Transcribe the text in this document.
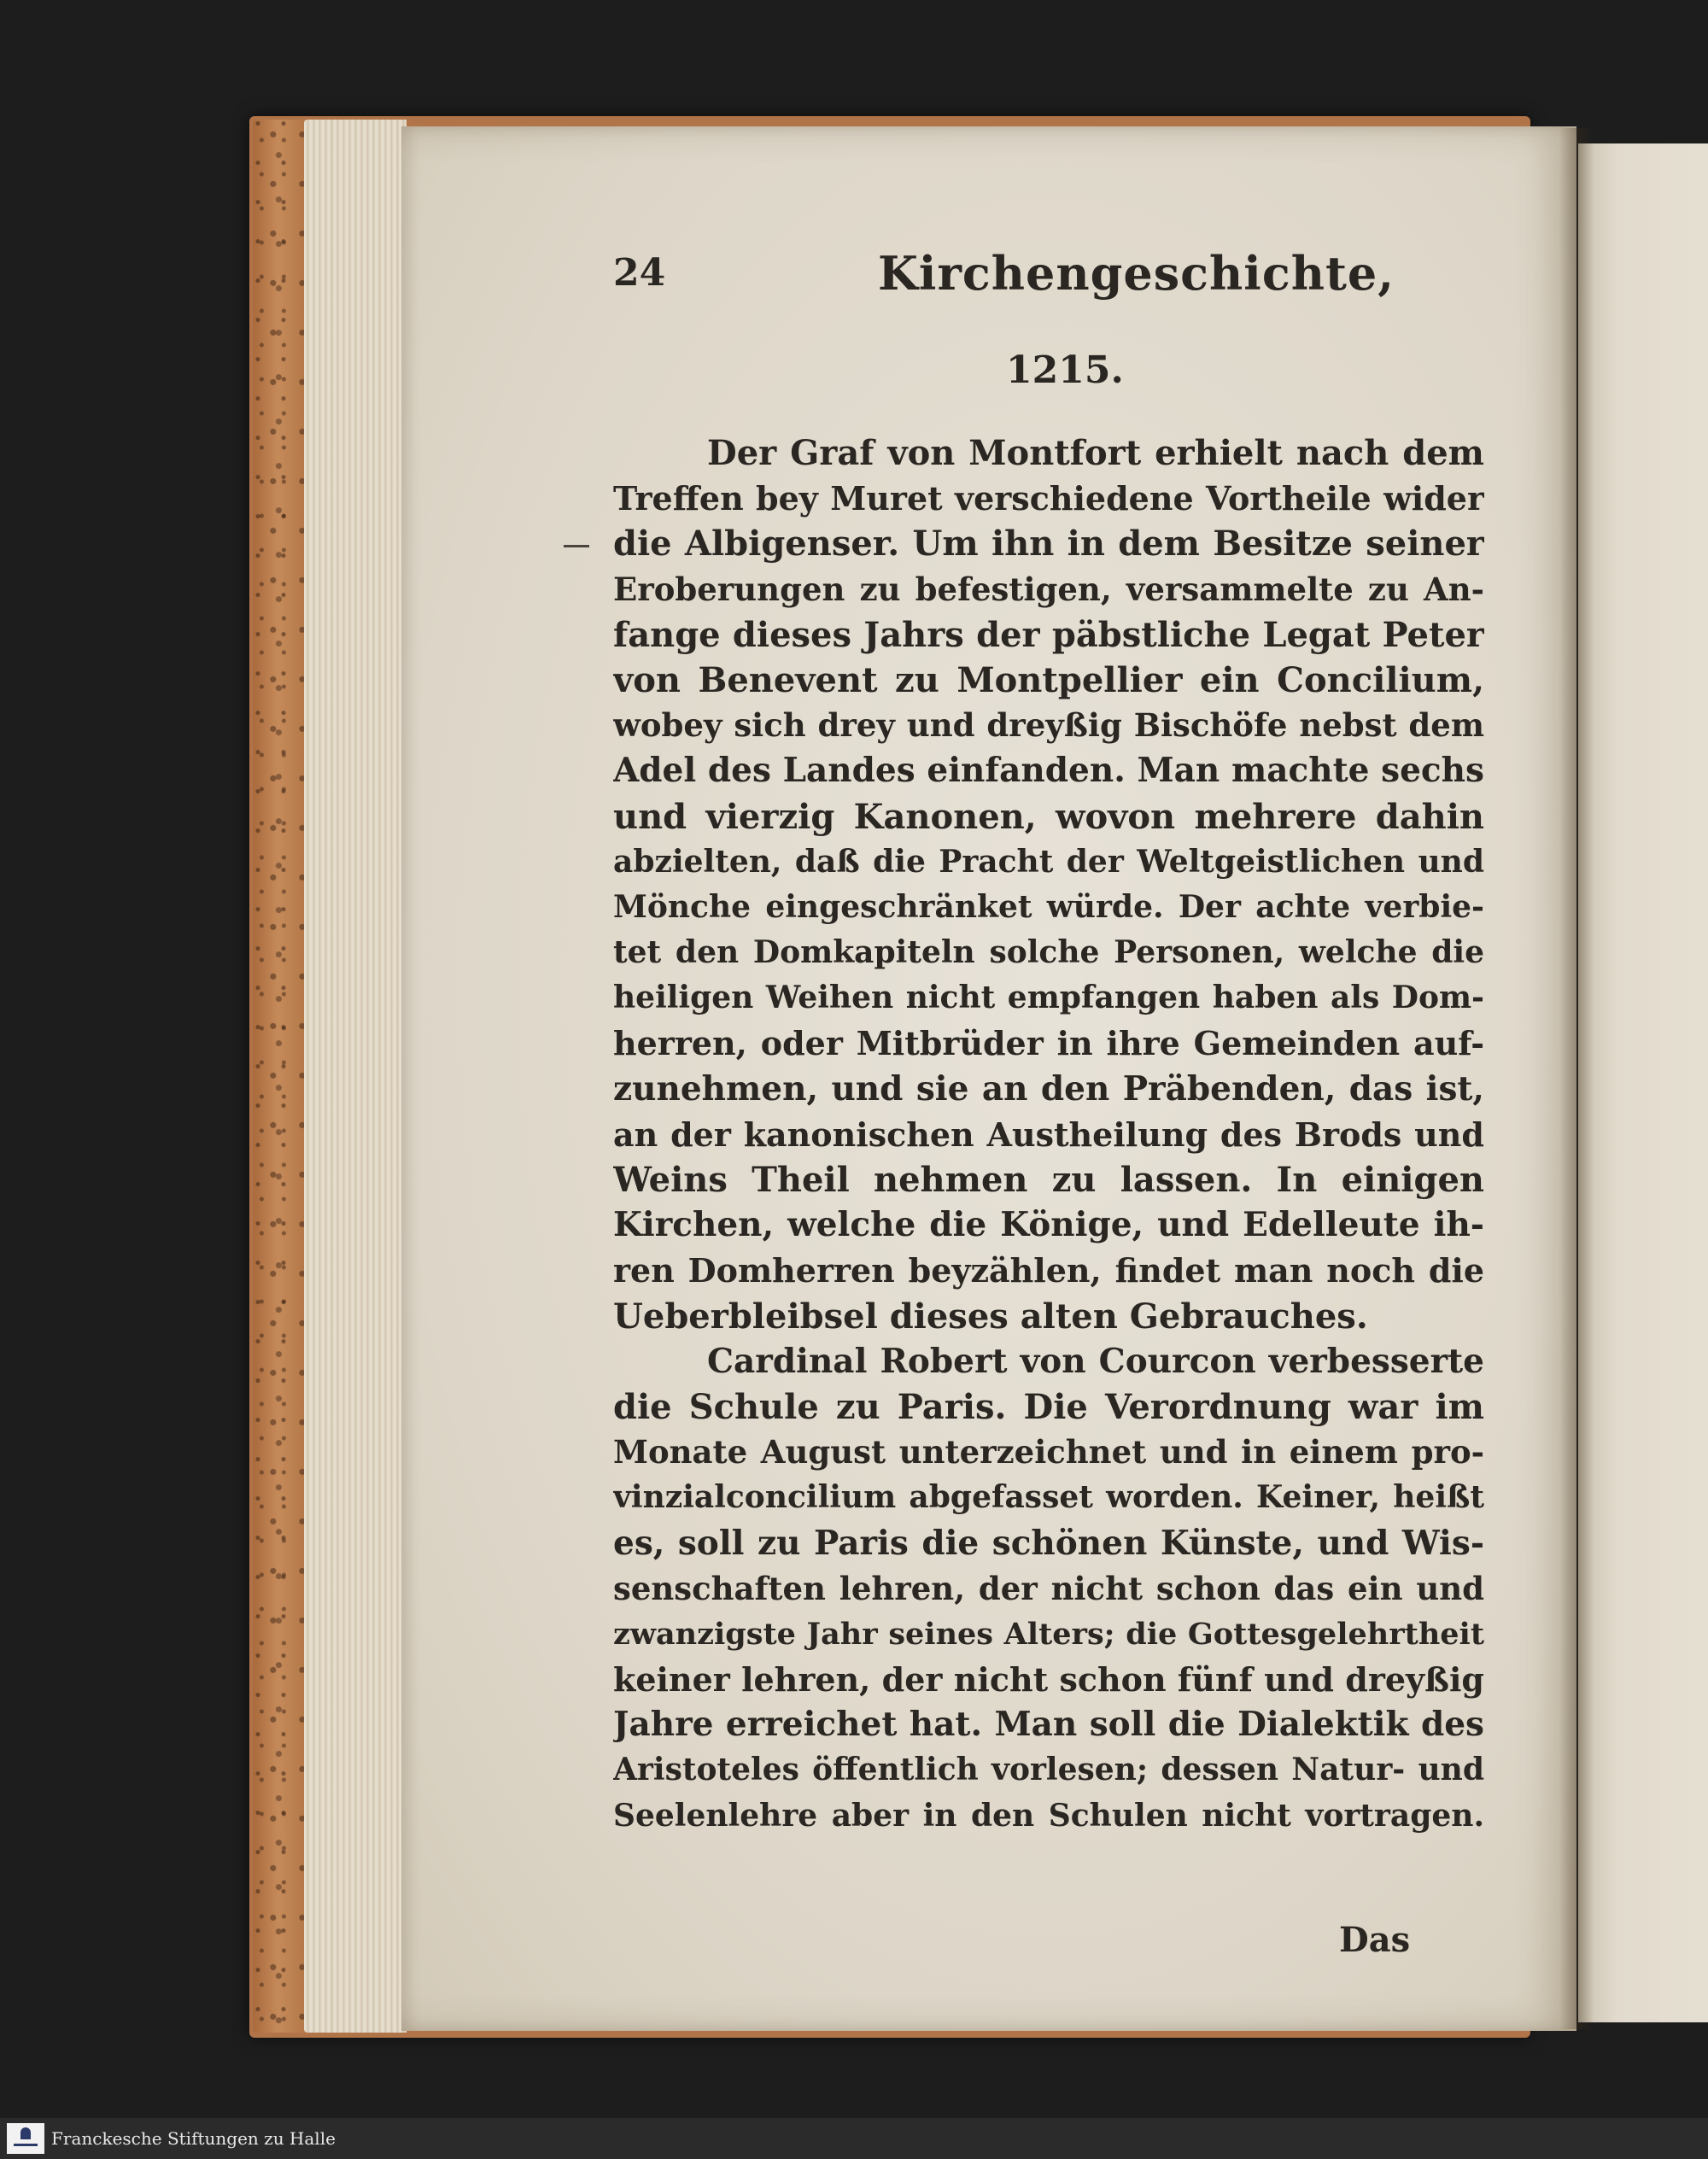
24	Kirchengeschichte,
1215.
Der Graf von Montfort erhielt nach dem
Treffen bey Muret verschiedene Vortheile wider
die Albigenser. Um ihn in dem Besitze seiner
Eroberungen zu befestigen, versammelte zu An-
fange dieses Jahrs der päbstliche Legat Peter
von Benevent zu Montpellier ein Concilium,
wobey sich drey und dreyßig Bischöfe nebst dem
Adel des Landes einfanden. Man machte sechs
und vierzig Kanonen, wovon mehrere dahin
abzielten, daß die Pracht der Weltgeistlichen und
Mönche eingeschränket würde. Der achte verbie-
tet den Domkapiteln solche Personen, welche die
heiligen Weihen nicht empfangen haben als Dom-
herren, oder Mitbrüder in ihre Gemeinden auf-
zunehmen, und sie an den Präbenden, das ist,
an der kanonischen Austheilung des Brods und
Weins Theil nehmen zu lassen. In einigen
Kirchen, welche die Könige, und Edelleute ih-
ren Domherren beyzählen, findet man noch die
Ueberbleibsel dieses alten Gebrauches.
Cardinal Robert von Courcon verbesserte
die Schule zu Paris. Die Verordnung war im
Monate August unterzeichnet und in einem pro-
vinzialconcilium abgefasset worden. Keiner, heißt
es, soll zu Paris die schönen Künste, und Wis-
senschaften lehren, der nicht schon das ein und
zwanzigste Jahr seines Alters; die Gottesgelehrtheit
keiner lehren, der nicht schon fünf und dreyßig
Jahre erreichet hat. Man soll die Dialektik des
Aristoteles öffentlich vorlesen; dessen Natur- und
Seelenlehre aber in den Schulen nicht vortragen.
Das
Franckesche Stiftungen zu Halle
